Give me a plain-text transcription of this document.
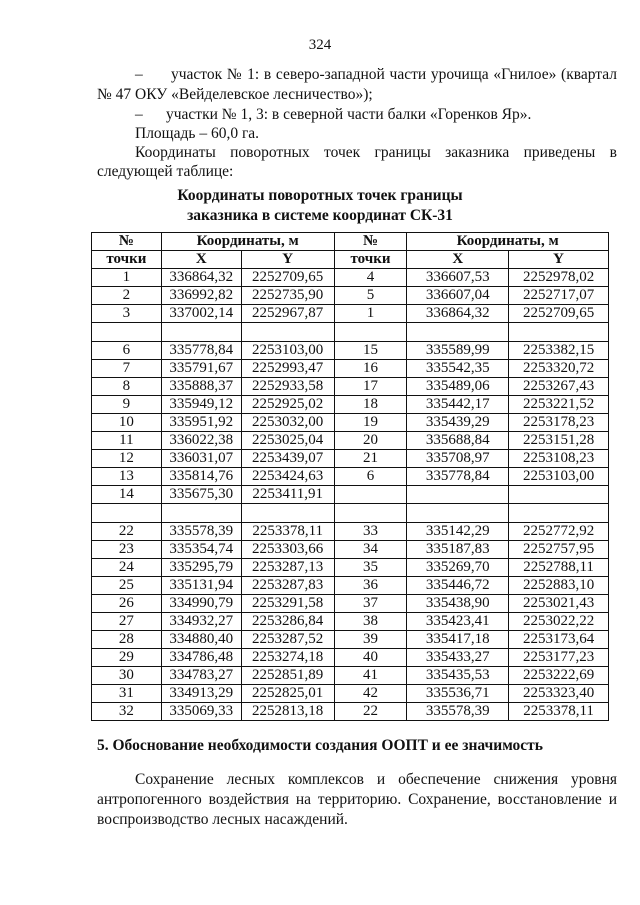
324
–      участок № 1: в северо-западной части урочища «Гнилое» (квартал
№ 47 ОКУ «Вейделевское лесничество»);
–      участки № 1, 3: в северной части балки «Горенков Яр».
Площадь – 60,0 га.
Координаты поворотных точек границы заказника приведены в
следующей таблице:
Координаты поворотных точек границы
заказника в системе координат СК-31
№	Координаты, м		№	Координаты, м	
точки	X	Y	точки	X	Y
1	336864,32	2252709,65	4	336607,53	2252978,02
2	336992,82	2252735,90	5	336607,04	2252717,07
3	337002,14	2252967,87	1	336864,32	2252709,65

6	335778,84	2253103,00	15	335589,99	2253382,15
7	335791,67	2252993,47	16	335542,35	2253320,72
8	335888,37	2252933,58	17	335489,06	2253267,43
9	335949,12	2252925,02	18	335442,17	2253221,52
10	335951,92	2253032,00	19	335439,29	2253178,23
11	336022,38	2253025,04	20	335688,84	2253151,28
12	336031,07	2253439,07	21	335708,97	2253108,23
13	335814,76	2253424,63	6	335778,84	2253103,00
14	335675,30	2253411,91			

22	335578,39	2253378,11	33	335142,29	2252772,92
23	335354,74	2253303,66	34	335187,83	2252757,95
24	335295,79	2253287,13	35	335269,70	2252788,11
25	335131,94	2253287,83	36	335446,72	2252883,10
26	334990,79	2253291,58	37	335438,90	2253021,43
27	334932,27	2253286,84	38	335423,41	2253022,22
28	334880,40	2253287,52	39	335417,18	2253173,64
29	334786,48	2253274,18	40	335433,27	2253177,23
30	334783,27	2252851,89	41	335435,53	2253222,69
31	334913,29	2252825,01	42	335536,71	2253323,40
32	335069,33	2252813,18	22	335578,39	2253378,11
5. Обоснование необходимости создания ООПТ и ее значимость
Сохранение лесных комплексов и обеспечение снижения уровня
антропогенного воздействия на территорию. Сохранение, восстановление и
воспроизводство лесных насаждений.
